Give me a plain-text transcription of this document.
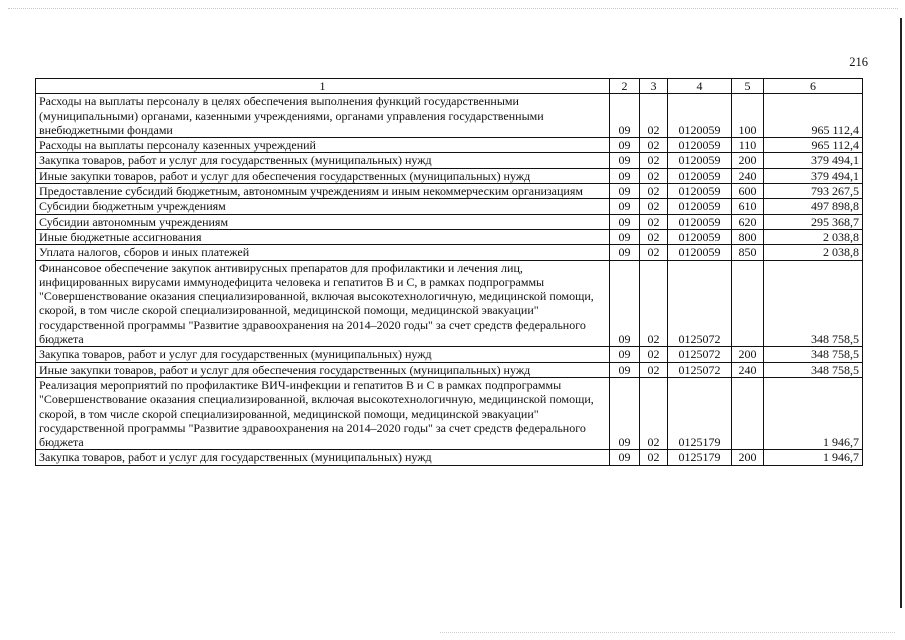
216
1	2	3	4	5	6
Расходы на выплаты персоналу в целях обеспечения выполнения функций государственными (муниципальными) органами, казенными учреждениями, органами управления государственными внебюджетными фондами	09	02	0120059	100	965 112,4
Расходы на выплаты персоналу казенных учреждений	09	02	0120059	110	965 112,4
Закупка товаров, работ и услуг для государственных (муниципальных) нужд	09	02	0120059	200	379 494,1
Иные закупки товаров, работ и услуг для обеспечения государственных (муниципальных) нужд	09	02	0120059	240	379 494,1
Предоставление субсидий бюджетным, автономным учреждениям и иным некоммерческим организациям	09	02	0120059	600	793 267,5
Субсидии бюджетным учреждениям	09	02	0120059	610	497 898,8
Субсидии автономным учреждениям	09	02	0120059	620	295 368,7
Иные бюджетные ассигнования	09	02	0120059	800	2 038,8
Уплата налогов, сборов и иных платежей	09	02	0120059	850	2 038,8
Финансовое обеспечение закупок антивирусных препаратов для профилактики и лечения лиц, инфицированных вирусами иммунодефицита человека и гепатитов В и С, в рамках подпрограммы "Совершенствование оказания специализированной, включая высокотехнологичную, медицинской помощи, скорой, в том числе скорой специализированной, медицинской помощи, медицинской эвакуации" государственной программы "Развитие здравоохранения на 2014–2020 годы" за счет средств федерального бюджета	09	02	0125072		348 758,5
Закупка товаров, работ и услуг для государственных (муниципальных) нужд	09	02	0125072	200	348 758,5
Иные закупки товаров, работ и услуг для обеспечения государственных (муниципальных) нужд	09	02	0125072	240	348 758,5
Реализация мероприятий по профилактике ВИЧ-инфекции и гепатитов В и С в рамках подпрограммы "Совершенствование оказания специализированной, включая высокотехнологичную, медицинской помощи, скорой, в том числе скорой специализированной, медицинской помощи, медицинской эвакуации" государственной программы "Развитие здравоохранения на 2014–2020 годы" за счет средств федерального бюджета	09	02	0125179		1 946,7
Закупка товаров, работ и услуг для государственных (муниципальных) нужд	09	02	0125179	200	1 946,7
